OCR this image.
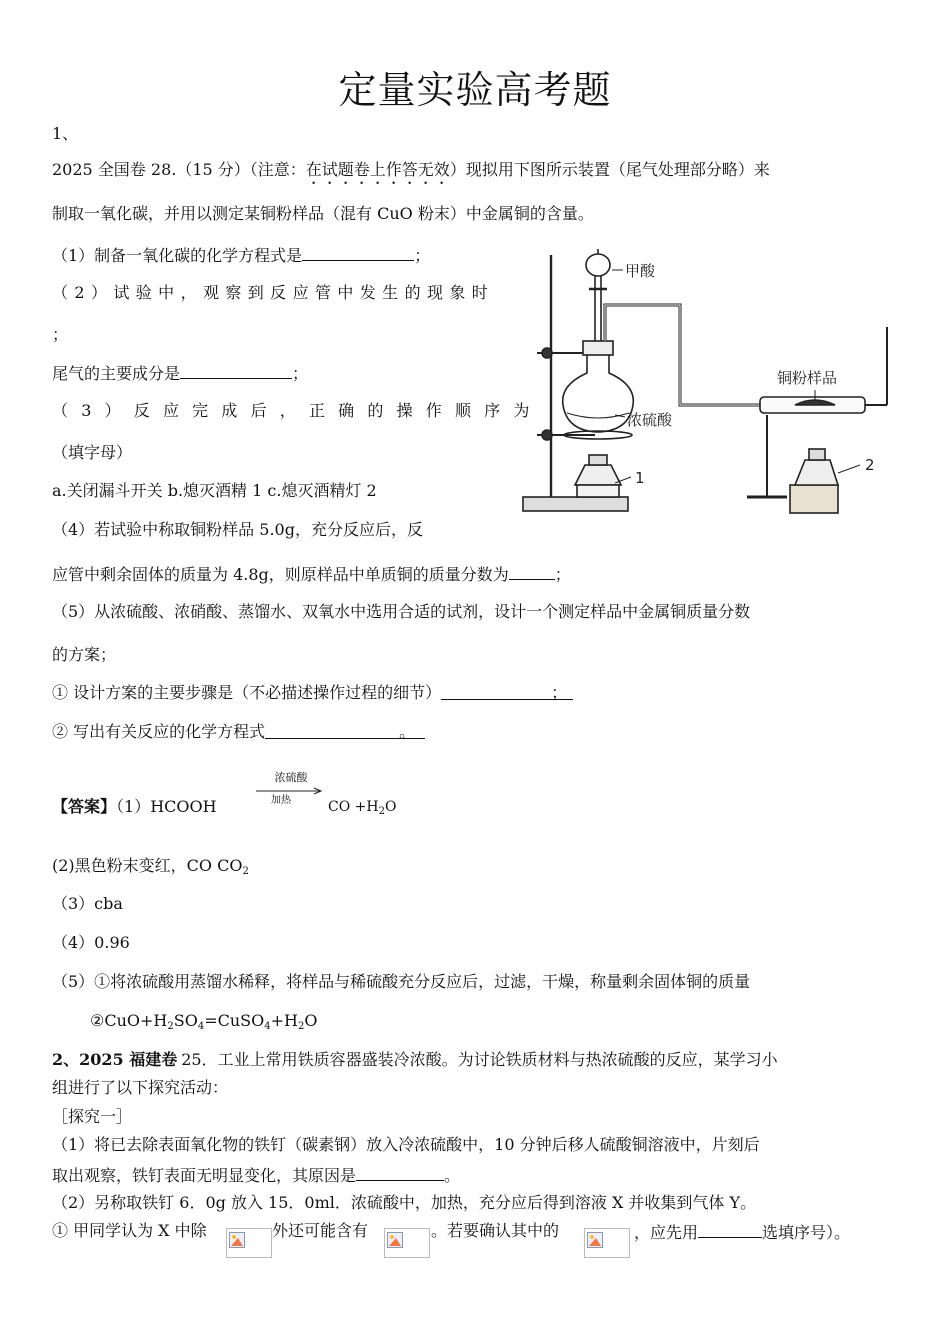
定量实验高考题
1、
2025 全国卷 28.（15 分）（注意：在试题卷上作答无效）现拟用下图所示装置（尾气处理部分略）来
制取一氧化碳，并用以测定某铜粉样品（混有 CuO 粉末）中金属铜的含量。
（1）制备一氧化碳的化学方程式是	；
（2）试验中，观察到反应管中发生的现象时
；
尾气的主要成分是	；
（3）反应完成后，正确的操作顺序为
（填字母）
a.关闭漏斗开关 b.熄灭酒精 1 c.熄灭酒精灯 2
（4）若试验中称取铜粉样品 5.0g，充分反应后，反
应管中剩余固体的质量为 4.8g，则原样品中单质铜的质量分数为	；
（5）从浓硫酸、浓硝酸、蒸馏水、双氧水中选用合适的试剂，设计一个测定样品中金属铜质量分数
的方案；
① 设计方案的主要步骤是（不必描述操作过程的细节）	；
② 写出有关反应的化学方程式	。
甲酸
浓硫酸
铜粉样品
1
2
【答案】（1）HCOOH
浓硫酸
加热	CO $+H_2O$
(2)黑色粉末变红，CO $CO_2$
（3）cba
（4）0.96
（5）①将浓硫酸用蒸馏水稀释，将样品与稀硫酸充分反应后，过滤，干燥，称量剩余固体铜的质量
$②CuO+H_2SO_4=CuSO_4+H_2O$
2、2025 福建卷 25．工业上常用铁质容器盛装冷浓酸。为讨论铁质材料与热浓硫酸的反应，某学习小
组进行了以下探究活动：
［探究一］
（1）将已去除表面氧化物的铁钉（碳素钢）放入冷浓硫酸中，10 分钟后移人硫酸铜溶液中，片刻后
取出观察，铁钉表面无明显变化，其原因是	。
（2）另称取铁钉 6．0g 放入 15．0ml．浓硫酸中，加热，充分应后得到溶液 X 并收集到气体 Y。
① 甲同学认为 X 中除	外还可能含有	。若要确认其中的	，应先用	选填序号）。
